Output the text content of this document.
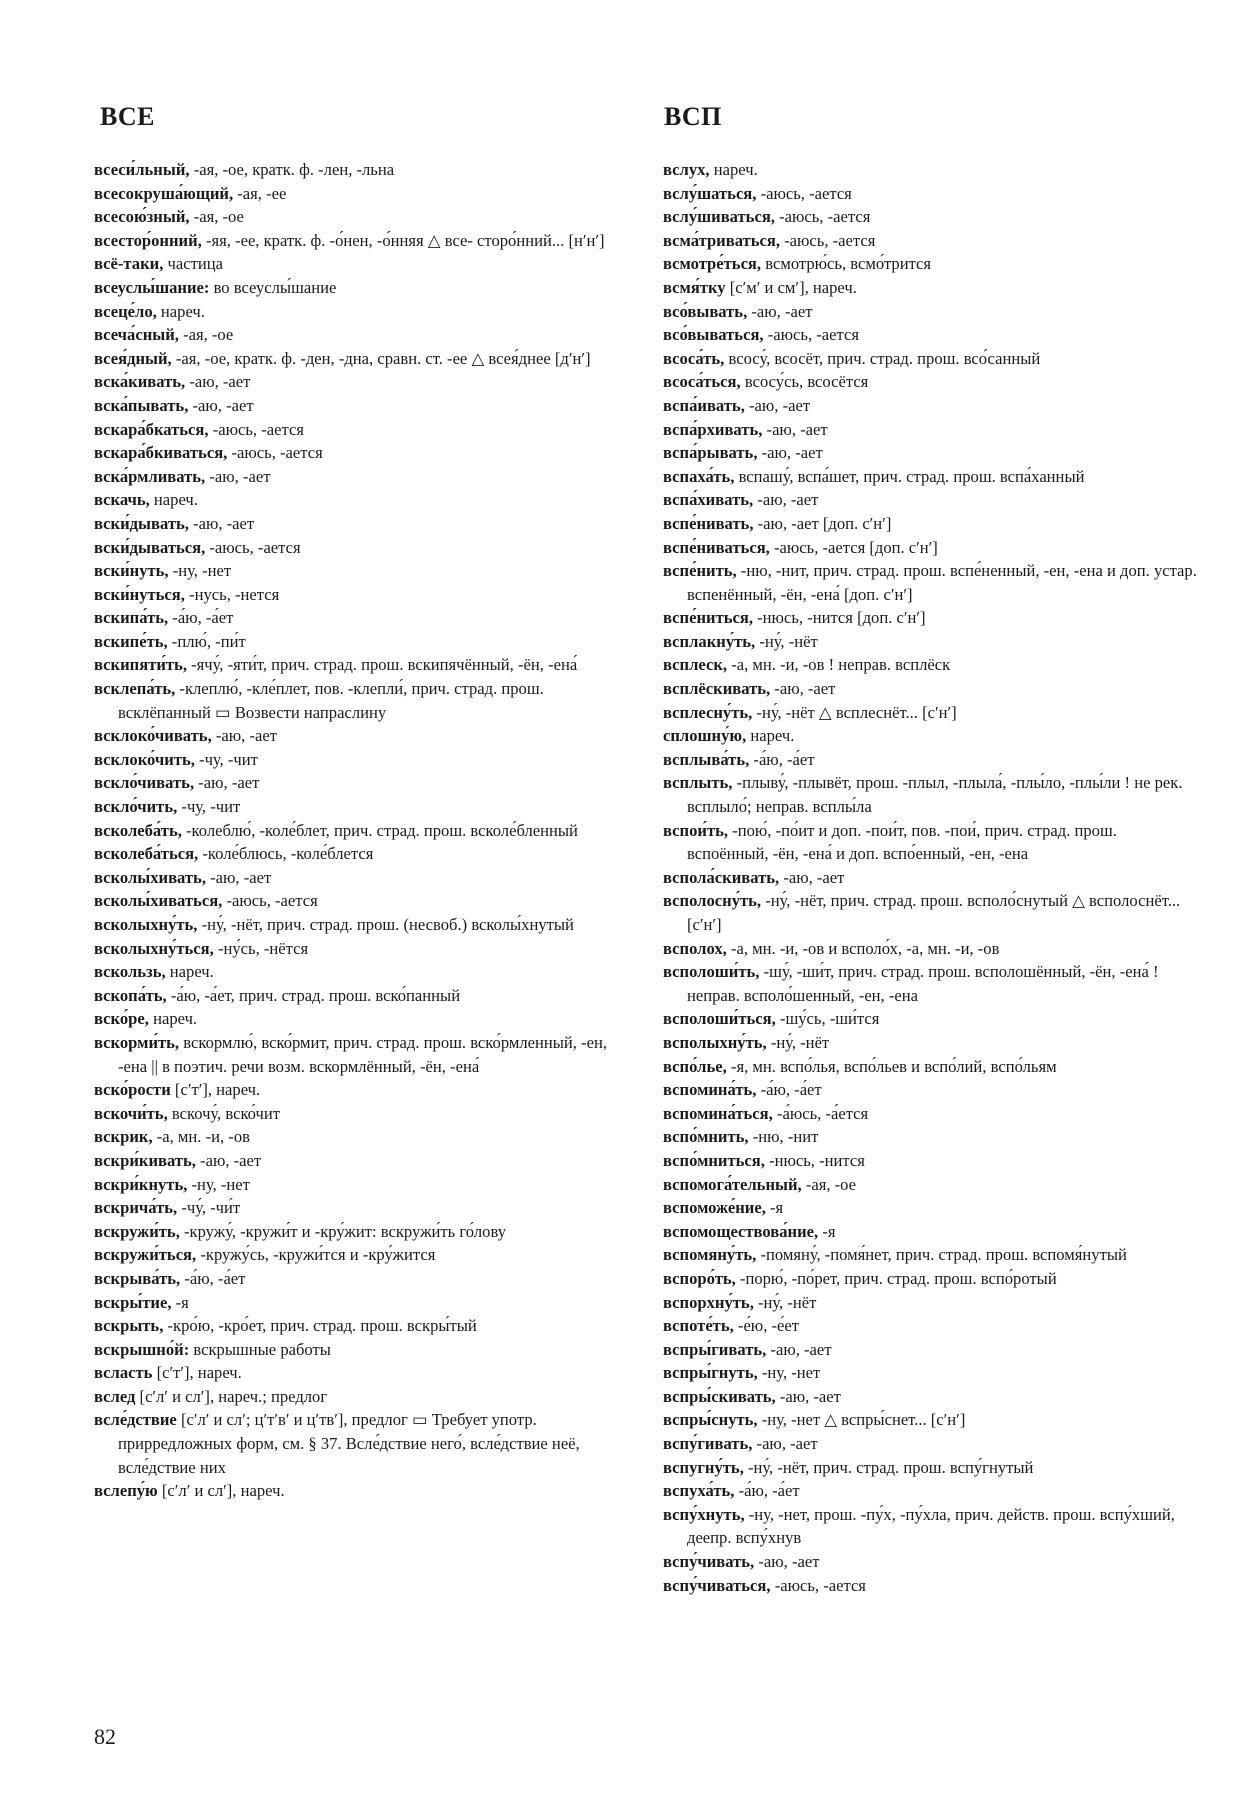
ВСЕ	ВСП

всеси́льный, -ая, -ое, кратк. ф. -лен, -льна

всесокруша́ющий, -ая, -ее

всесою́зный, -ая, -ое

всестор́онний, -яя, -ее, кратк. ф. -о́нен, -о́нняя △ все- сторо́нний... [нʹнʹ]

всё-таки, частица

всеуслы́шание: во всеуслы́шание

всеце́ло, нареч.

всеча́сный, -ая, -ое

всея́дный, -ая, -ое, кратк. ф. -ден, -дна, сравн. ст. -ее △ всея́днее [дʹнʹ]

вска́кивать, -аю, -ает

вска́пывать, -аю, -ает

вскара́бкаться, -аюсь, -ается

вскара́бкиваться, -аюсь, -ается

вска́рмливать, -аю, -ает

вскачь, нареч.

вски́дывать, -аю, -ает

вски́дываться, -аюсь, -ается

вски́нуть, -ну, -нет

вски́нуться, -нусь, -нется

вскипа́ть, -а́ю, -а́ет

вскипе́ть, -плю́, -пи́т

вскипяти́ть, -ячу́, -яти́т, прич. страд. прош. вскипячённый, -ён, -ена́

всклепа́ть, -клеплю́, -кле́плет, пов. -клепли́, прич. страд. прош. всклёпанный ▭ Возвести напраслину

всклоко́чивать, -аю, -ает

всклоко́чить, -чу, -чит

вскло́чивать, -аю, -ает

вскло́чить, -чу, -чит

всколеба́ть, -колеблю́, -коле́блет, прич. страд. прош. всколе́бленный

всколеба́ться, -коле́блюсь, -коле́блется

всколы́хивать, -аю, -ает

всколы́хиваться, -аюсь, -ается

всколыхну́ть, -ну́, -нёт, прич. страд. прош. (несвоб.) всколы́хнутый

всколыхну́ться, -ну́сь, -нётся

вскользь, нареч.

вскопа́ть, -а́ю, -а́ет, прич. страд. прош. вско́панный

вско́ре, нареч.

вскорми́ть, вскормлю́, вско́рмит, прич. страд. прош. вско́рмленный, -ен, -ена || в поэтич. речи возм. вскормлённый, -ён, -ена́

вско́рости [сʹтʹ], нареч.

вскочи́ть, вскочу́, вско́чит

вскрик, -а, мн. -и, -ов

вскри́кивать, -аю, -ает

вскри́кнуть, -ну, -нет

вскрича́ть, -чу́, -чи́т

вскружи́ть, -кружу́, -кружи́т и -кру́жит: вскружи́ть го́лову

вскружи́ться, -кружу́сь, -кружи́тся и -кру́жится

вскрыва́ть, -а́ю, -а́ет

вскры́тие, -я

вскрыть, -кро́ю, -кро́ет, прич. страд. прош. вскры́тый

вскрышно́й: вскрышные работы

всласть [сʹтʹ], нареч.

вслед [сʹлʹ и слʹ], нареч.; предлог

всле́дствие [сʹлʹ и слʹ; цʹтʹвʹ и цʹтвʹ], предлог ▭ Требует употр. приpредложных форм, см. § 37. Всле́дствие него́, всле́дствие неё, всле́дствие них

вслепу́ю [сʹлʹ и слʹ], нареч.

вслух, нареч.

вслу́шаться, -аюсь, -ается

вслу́шиваться, -аюсь, -ается

всма́триваться, -аюсь, -ается

всмотре́ться, всмотрю́сь, всмо́трится

всмя́тку [сʹмʹ и смʹ], нареч.

всо́вывать, -аю, -ает

всо́вываться, -аюсь, -ается

всоса́ть, всосу́, всосёт, прич. страд. прош. всо́санный

всоса́ться, всосу́сь, всосётся

вспа́ивать, -аю, -ает

вспа́рхивать, -аю, -ает

вспа́рывать, -аю, -ает

вспаха́ть, вспашу́, вспа́шет, прич. страд. прош. вспа́ханный

вспа́хивать, -аю, -ает

вспе́нивать, -аю, -ает [доп. сʹнʹ]

вспе́ниваться, -аюсь, -ается [доп. сʹнʹ]

вспе́нить, -ню, -нит, прич. страд. прош. вспе́ненный, -ен, -ена и доп. устар. вспенённый, -ён, -ена́ [доп. сʹнʹ]

вспе́ниться, -нюсь, -нится [доп. сʹнʹ]

всплакну́ть, -ну́, -нёт

всплеск, -а, мн. -и, -ов ! неправ. всплёск

всплёскивать, -аю, -ает

всплесну́ть, -ну́, -нёт △ всплеснёт... [сʹнʹ]

сплошну́ю, нареч.

всплыва́ть, -а́ю, -а́ет

всплыть, -плыву́, -плывёт, прош. -плыл, -плыла́, -плы́ло, -плы́ли ! не рек. всплыло́; неправ. всплы́ла

вспои́ть, -пою́, -по́ит и доп. -пои́т, пов. -пои́, прич. страд. прош. вспоённый, -ён, -ена́ и доп. вспо́енный, -ен, -ена

вспола́скивать, -аю, -ает

всполосну́ть, -ну́, -нёт, прич. страд. прош. всполо́снутый △ всполоснёт... [сʹнʹ]

всполох, -а, мн. -и, -ов и всполо́х, -а, мн. -и, -ов

всполоши́ть, -шу́, -ши́т, прич. страд. прош. всполошённый, -ён, -ена́ ! неправ. всполо́шенный, -ен, -ена

всполоши́ться, -шу́сь, -ши́тся

всполыхну́ть, -ну́, -нёт

вспо́лье, -я, мн. вспо́лья, вспо́льев и вспо́лий, вспо́льям

вспомина́ть, -а́ю, -а́ет

вспомина́ться, -а́юсь, -а́ется

вспо́мнить, -ню, -нит

вспо́мниться, -нюсь, -нится

вспомога́тельный, -ая, -ое

вспоможе́ние, -я

вспомоществова́ние, -я

вспомяну́ть, -помяну́, -помя́нет, прич. страд. прош. вспомя́нутый

вспоро́ть, -порю́, -по́рет, прич. страд. прош. вспо́ротый

вспорхну́ть, -ну́, -нёт

вспоте́ть, -е́ю, -е́ет

вспры́гивать, -аю, -ает

вспры́гнуть, -ну, -нет

вспры́скивать, -аю, -ает

вспры́снуть, -ну, -нет △ вспры́снет... [сʹнʹ]

вспу́гивать, -аю, -ает

вспугну́ть, -ну́, -нёт, прич. страд. прош. вспу́гнутый

вспуха́ть, -а́ю, -а́ет

вспу́хнуть, -ну, -нет, прош. -пу́х, -пу́хла, прич. действ. прош. вспу́хший, деепр. вспу́хнув

вспу́чивать, -аю, -ает

вспу́чиваться, -аюсь, -ается

82
